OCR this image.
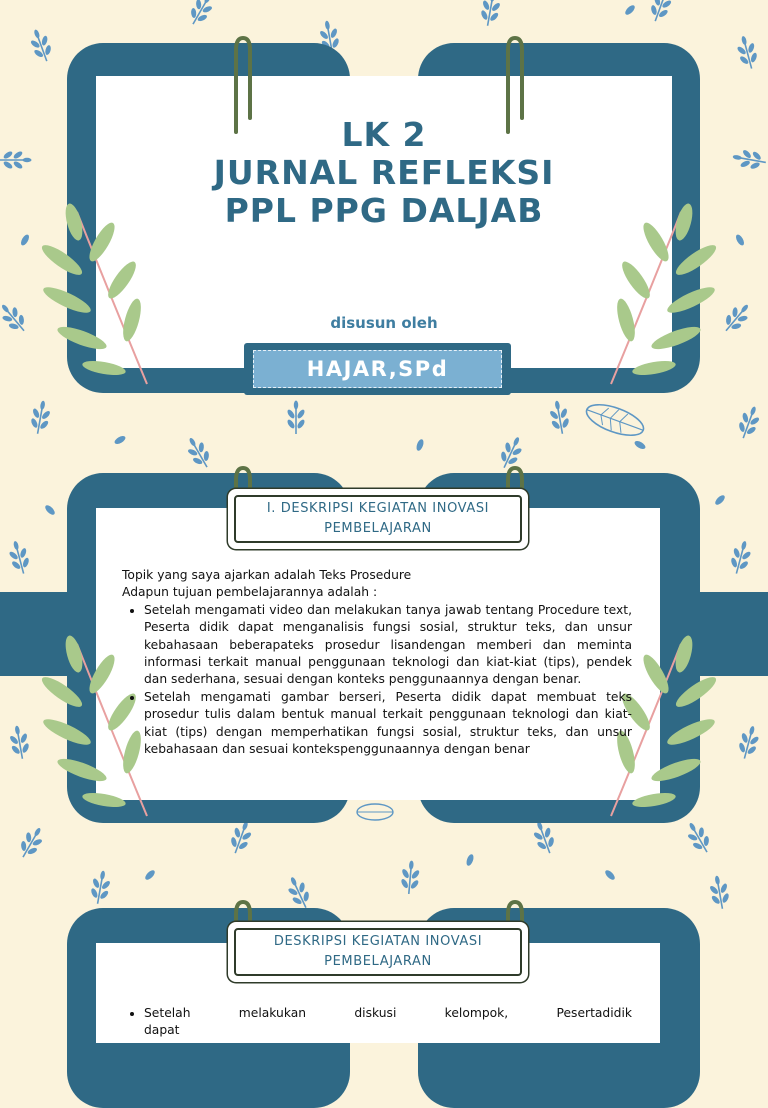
LK 2
JURNAL REFLEKSI
PPL PPG DALJAB
disusun oleh
HAJAR,SPd
I. DESKRIPSI KEGIATAN INOVASI PEMBELAJARAN

Topik yang saya ajarkan adalah Teks Prosedure

Adapun tujuan pembelajarannya adalah :

• Setelah mengamati video dan melakukan tanya jawab tentang Procedure text, Peserta didik dapat menganalisis fungsi sosial, struktur teks, dan unsur kebahasaan beberapateks prosedur lisandengan memberi dan meminta informasi terkait manual penggunaan teknologi dan kiat-kiat (tips), pendek dan sederhana, sesuai dengan konteks penggunaannya dengan benar.
• Setelah mengamati gambar berseri, Peserta didik dapat membuat teks prosedur tulis dalam bentuk manual terkait penggunaan teknologi dan kiat-kiat (tips) dengan memperhatikan fungsi sosial, struktur teks, dan unsur kebahasaan dan sesuai kontekspenggunaannya dengan benar
DESKRIPSI KEGIATAN INOVASI PEMBELAJARAN
• Setelah melakukan diskusi kelompok, Pesertadidik dapat
